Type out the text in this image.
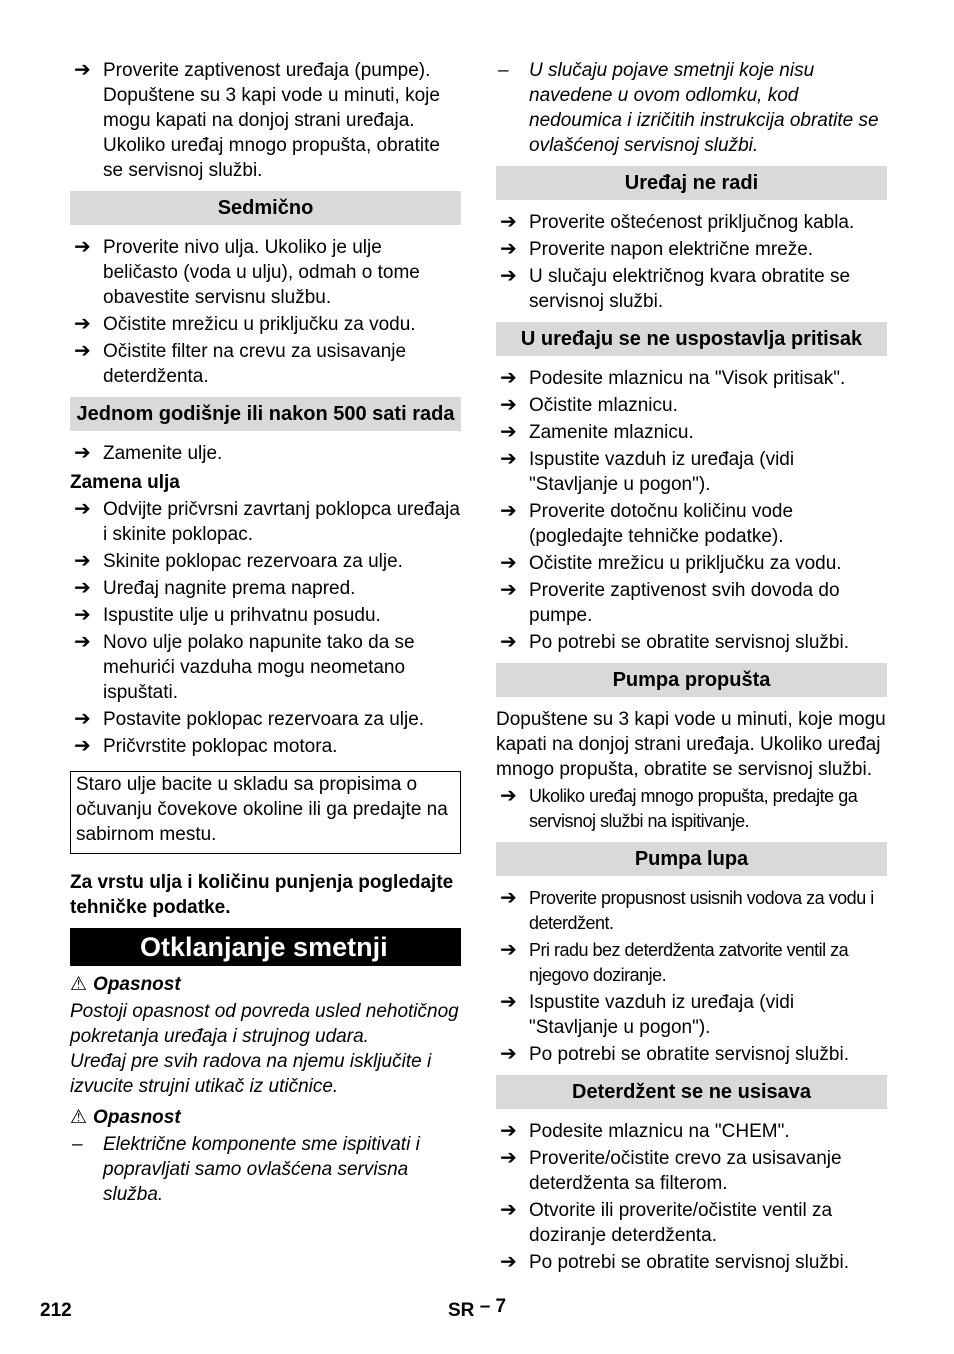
➔ Proverite zaptivenost uređaja (pumpe). Dopuštene su 3 kapi vode u minuti, koje mogu kapati na donjoj strani uređaja. Ukoliko uređaj mnogo propušta, obratite se servisnoj službi.
Sedmično
➔ Proverite nivo ulja. Ukoliko je ulje beličasto (voda u ulju), odmah o tome obavestite servisnu službu.
➔ Očistite mrežicu u priključku za vodu.
➔ Očistite filter na crevu za usisavanje deterdženta.
Jednom godišnje ili nakon 500 sati rada
➔ Zamenite ulje.
Zamena ulja
➔ Odvijte pričvrsni zavrtanj poklopca uređaja i skinite poklopac.
➔ Skinite poklopac rezervoara za ulje.
➔ Uređaj nagnite prema napred.
➔ Ispustite ulje u prihvatnu posudu.
➔ Novo ulje polako napunite tako da se mehurići vazduha mogu neometano ispuštati.
➔ Postavite poklopac rezervoara za ulje.
➔ Pričvrstite poklopac motora.
Staro ulje bacite u skladu sa propisima o očuvanju čovekove okoline ili ga predajte na sabirnom mestu.

Za vrstu ulja i količinu punjenja pogledajte tehničke podatke.

Otklanjanje smetnji
⚠ Opasnost

Postoji opasnost od povreda usled nehotičnog pokretanja uređaja i strujnog udara.

Uređaj pre svih radova na njemu isključite i izvucite strujni utikač iz utičnice.

⚠ Opasnost
– Električne komponente sme ispitivati i popravljati samo ovlašćena servisna služba.
– U slučaju pojave smetnji koje nisu navedene u ovom odlomku, kod nedoumica i izričitih instrukcija obratite se ovlašćenoj servisnoj službi.
Uređaj ne radi
➔ Proverite oštećenost priključnog kabla.
➔ Proverite napon električne mreže.
➔ U slučaju električnog kvara obratite se servisnoj službi.
U uređaju se ne uspostavlja pritisak
➔ Podesite mlaznicu na "Visok pritisak".
➔ Očistite mlaznicu.
➔ Zamenite mlaznicu.
➔ Ispustite vazduh iz uređaja (vidi "Stavljanje u pogon").
➔ Proverite dotočnu količinu vode (pogledajte tehničke podatke).
➔ Očistite mrežicu u priključku za vodu.
➔ Proverite zaptivenost svih dovoda do pumpe.
➔ Po potrebi se obratite servisnoj službi.
Pumpa propušta

Dopuštene su 3 kapi vode u minuti, koje mogu kapati na donjoj strani uređaja. Ukoliko uređaj mnogo propušta, obratite se servisnoj službi.

➔ Ukoliko uređaj mnogo propušta, predajte ga servisnoj službi na ispitivanje.
Pumpa lupa
➔ Proverite propusnost usisnih vodova za vodu i deterdžent.
➔ Pri radu bez deterdženta zatvorite ventil za njegovo doziranje.
➔ Ispustite vazduh iz uređaja (vidi "Stavljanje u pogon").
➔ Po potrebi se obratite servisnoj službi.
Deterdžent se ne usisava
➔ Podesite mlaznicu na "CHEM".
➔ Proverite/očistite crevo za usisavanje deterdženta sa filterom.
➔ Otvorite ili proverite/očistite ventil za doziranje deterdženta.
➔ Po potrebi se obratite servisnoj službi.
212	SR – 7
